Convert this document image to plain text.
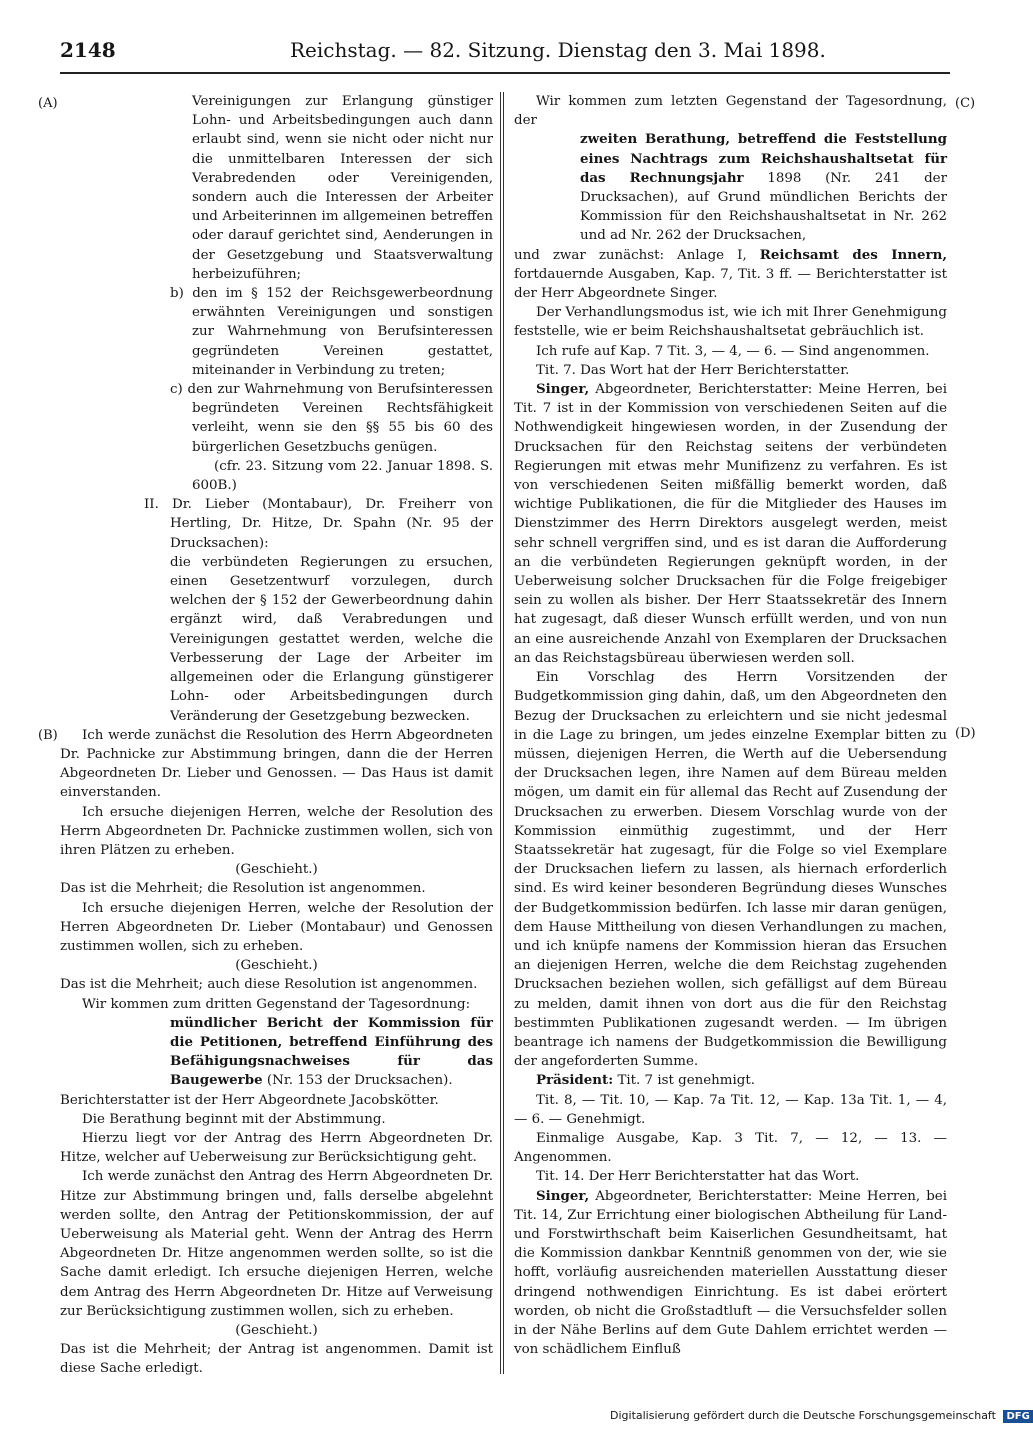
2148	Reichstag. — 82. Sitzung. Dienstag den 3. Mai 1898.
(A)
(B)
(C)
(D)

Vereinigungen zur Erlangung günstiger Lohn- und Arbeitsbedingungen auch dann erlaubt sind, wenn sie nicht oder nicht nur die unmittelbaren Interessen der sich Verabredenden oder Vereinigenden, sondern auch die Interessen der Arbeiter und Arbeiterinnen im allgemeinen betreffen oder darauf gerichtet sind, Aenderungen in der Gesetzgebung und Staatsverwaltung herbeizuführen;

b) den im § 152 der Reichsgewerbeordnung erwähnten Vereinigungen und sonstigen zur Wahrnehmung von Berufsinteressen gegründeten Vereinen gestattet, miteinander in Verbindung zu treten;

c) den zur Wahrnehmung von Berufsinteressen begründeten Vereinen Rechtsfähigkeit verleiht, wenn sie den §§ 55 bis 60 des bürgerlichen Gesetzbuchs genügen.

(cfr. 23. Sitzung vom 22. Januar 1898. S. 600B.)

II. Dr. Lieber (Montabaur), Dr. Freiherr von Hertling, Dr. Hitze, Dr. Spahn (Nr. 95 der Drucksachen):

die verbündeten Regierungen zu ersuchen, einen Gesetzentwurf vorzulegen, durch welchen der § 152 der Gewerbeordnung dahin ergänzt wird, daß Verabredungen und Vereinigungen gestattet werden, welche die Verbesserung der Lage der Arbeiter im allgemeinen oder die Erlangung günstigerer Lohn- oder Arbeitsbedingungen durch Veränderung der Gesetzgebung bezwecken.

Ich werde zunächst die Resolution des Herrn Abgeordneten Dr. Pachnicke zur Abstimmung bringen, dann die der Herren Abgeordneten Dr. Lieber und Genossen. — Das Haus ist damit einverstanden.

Ich ersuche diejenigen Herren, welche der Resolution des Herrn Abgeordneten Dr. Pachnicke zustimmen wollen, sich von ihren Plätzen zu erheben.

(Geschieht.)

Das ist die Mehrheit; die Resolution ist angenommen.

Ich ersuche diejenigen Herren, welche der Resolution der Herren Abgeordneten Dr. Lieber (Montabaur) und Genossen zustimmen wollen, sich zu erheben.

(Geschieht.)

Das ist die Mehrheit; auch diese Resolution ist angenommen.

Wir kommen zum dritten Gegenstand der Tagesordnung:

mündlicher Bericht der Kommission für die Petitionen, betreffend Einführung des Befähigungsnachweises für das Baugewerbe (Nr. 153 der Drucksachen).

Berichterstatter ist der Herr Abgeordnete Jacobskötter.

Die Berathung beginnt mit der Abstimmung.

Hierzu liegt vor der Antrag des Herrn Abgeordneten Dr. Hitze, welcher auf Ueberweisung zur Berücksichtigung geht.

Ich werde zunächst den Antrag des Herrn Abgeordneten Dr. Hitze zur Abstimmung bringen und, falls derselbe abgelehnt werden sollte, den Antrag der Petitionskommission, der auf Ueberweisung als Material geht. Wenn der Antrag des Herrn Abgeordneten Dr. Hitze angenommen werden sollte, so ist die Sache damit erledigt. Ich ersuche diejenigen Herren, welche dem Antrag des Herrn Abgeordneten Dr. Hitze auf Verweisung zur Berücksichtigung zustimmen wollen, sich zu erheben.

(Geschieht.)

Das ist die Mehrheit; der Antrag ist angenommen. Damit ist diese Sache erledigt.

Wir kommen zum letzten Gegenstand der Tagesordnung, der

zweiten Berathung, betreffend die Feststellung eines Nachtrags zum Reichshaushaltsetat für das Rechnungsjahr 1898 (Nr. 241 der Drucksachen), auf Grund mündlichen Berichts der Kommission für den Reichshaushaltsetat in Nr. 262 und ad Nr. 262 der Drucksachen,

und zwar zunächst: Anlage I, Reichsamt des Innern, fortdauernde Ausgaben, Kap. 7, Tit. 3 ff. — Berichterstatter ist der Herr Abgeordnete Singer.

Der Verhandlungsmodus ist, wie ich mit Ihrer Genehmigung feststelle, wie er beim Reichshaushaltsetat gebräuchlich ist.

Ich rufe auf Kap. 7 Tit. 3, — 4, — 6. — Sind angenommen.

Tit. 7. Das Wort hat der Herr Berichterstatter.

Singer, Abgeordneter, Berichterstatter: Meine Herren, bei Tit. 7 ist in der Kommission von verschiedenen Seiten auf die Nothwendigkeit hingewiesen worden, in der Zusendung der Drucksachen für den Reichstag seitens der verbündeten Regierungen mit etwas mehr Munifizenz zu verfahren. Es ist von verschiedenen Seiten mißfällig bemerkt worden, daß wichtige Publikationen, die für die Mitglieder des Hauses im Dienstzimmer des Herrn Direktors ausgelegt werden, meist sehr schnell vergriffen sind, und es ist daran die Aufforderung an die verbündeten Regierungen geknüpft worden, in der Ueberweisung solcher Drucksachen für die Folge freigebiger sein zu wollen als bisher. Der Herr Staatssekretär des Innern hat zugesagt, daß dieser Wunsch erfüllt werden, und von nun an eine ausreichende Anzahl von Exemplaren der Drucksachen an das Reichstagsbüreau überwiesen werden soll.

Ein Vorschlag des Herrn Vorsitzenden der Budgetkommission ging dahin, daß, um den Abgeordneten den Bezug der Drucksachen zu erleichtern und sie nicht jedesmal in die Lage zu bringen, um jedes einzelne Exemplar bitten zu müssen, diejenigen Herren, die Werth auf die Uebersendung der Drucksachen legen, ihre Namen auf dem Büreau melden mögen, um damit ein für allemal das Recht auf Zusendung der Drucksachen zu erwerben. Diesem Vorschlag wurde von der Kommission einmüthig zugestimmt, und der Herr Staatssekretär hat zugesagt, für die Folge so viel Exemplare der Drucksachen liefern zu lassen, als hiernach erforderlich sind. Es wird keiner besonderen Begründung dieses Wunsches der Budgetkommission bedürfen. Ich lasse mir daran genügen, dem Hause Mittheilung von diesen Verhandlungen zu machen, und ich knüpfe namens der Kommission hieran das Ersuchen an diejenigen Herren, welche die dem Reichstag zugehenden Drucksachen beziehen wollen, sich gefälligst auf dem Büreau zu melden, damit ihnen von dort aus die für den Reichstag bestimmten Publikationen zugesandt werden. — Im übrigen beantrage ich namens der Budgetkommission die Bewilligung der angeforderten Summe.

Präsident: Tit. 7 ist genehmigt.

Tit. 8, — Tit. 10, — Kap. 7a Tit. 12, — Kap. 13a Tit. 1, — 4, — 6. — Genehmigt.

Einmalige Ausgabe, Kap. 3 Tit. 7, — 12, — 13. — Angenommen.

Tit. 14. Der Herr Berichterstatter hat das Wort.

Singer, Abgeordneter, Berichterstatter: Meine Herren, bei Tit. 14, Zur Errichtung einer biologischen Abtheilung für Land- und Forstwirthschaft beim Kaiserlichen Gesundheitsamt, hat die Kommission dankbar Kenntniß genommen von der, wie sie hofft, vorläufig ausreichenden materiellen Ausstattung dieser dringend nothwendigen Einrichtung. Es ist dabei erörtert worden, ob nicht die Großstadtluft — die Versuchsfelder sollen in der Nähe Berlins auf dem Gute Dahlem errichtet werden — von schädlichem Einfluß

Digitalisierung gefördert durch die Deutsche Forschungsgemeinschaft DFG
